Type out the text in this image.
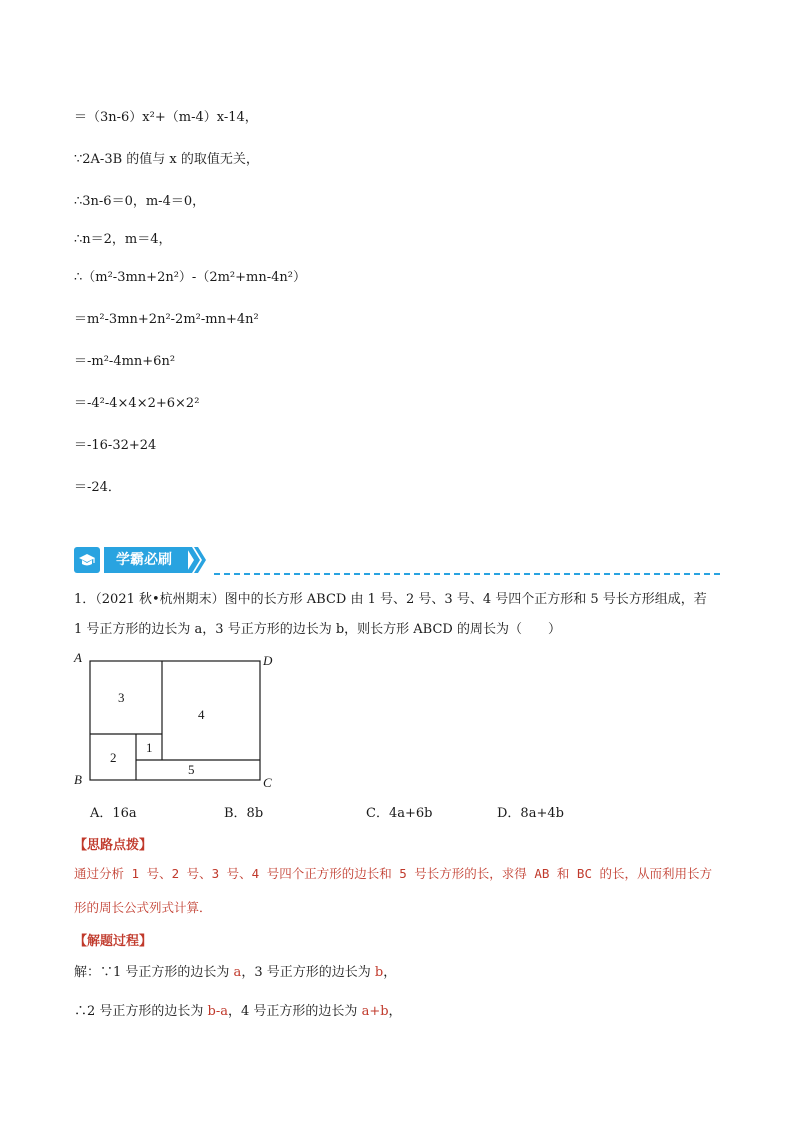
＝（3n-6）x²+（m-4）x-14，
∵2A-3B 的值与 x 的取值无关，
∴3n-6＝0，m-4＝0，
∴n＝2，m＝4，
∴（m²-3mn+2n²）-（2m²+mn-4n²）
＝m²-3mn+2n²-2m²-mn+4n²
＝-m²-4mn+6n²
＝-4²-4×4×2+6×2²
＝-16-32+24
＝-24．
学霸必刷
1．（2021 秋•杭州期末）图中的长方形 ABCD 由 1 号、2 号、3 号、4 号四个正方形和 5 号长方形组成，若
1 号正方形的边长为 a，3 号正方形的边长为 b，则长方形 ABCD 的周长为（　　）
A	D
B	C
3
4
2
1
5
A．16a	B．8b	C．4a+6b	D．8a+4b
【思路点拨】
通过分析 1 号、2 号、3 号、4 号四个正方形的边长和 5 号长方形的长，求得 AB 和 BC 的长，从而利用长方形的周长公式列式计算．
【解题过程】
解：∵1 号正方形的边长为 a，3 号正方形的边长为 b，
∴2 号正方形的边长为 b-a，4 号正方形的边长为 a+b，
